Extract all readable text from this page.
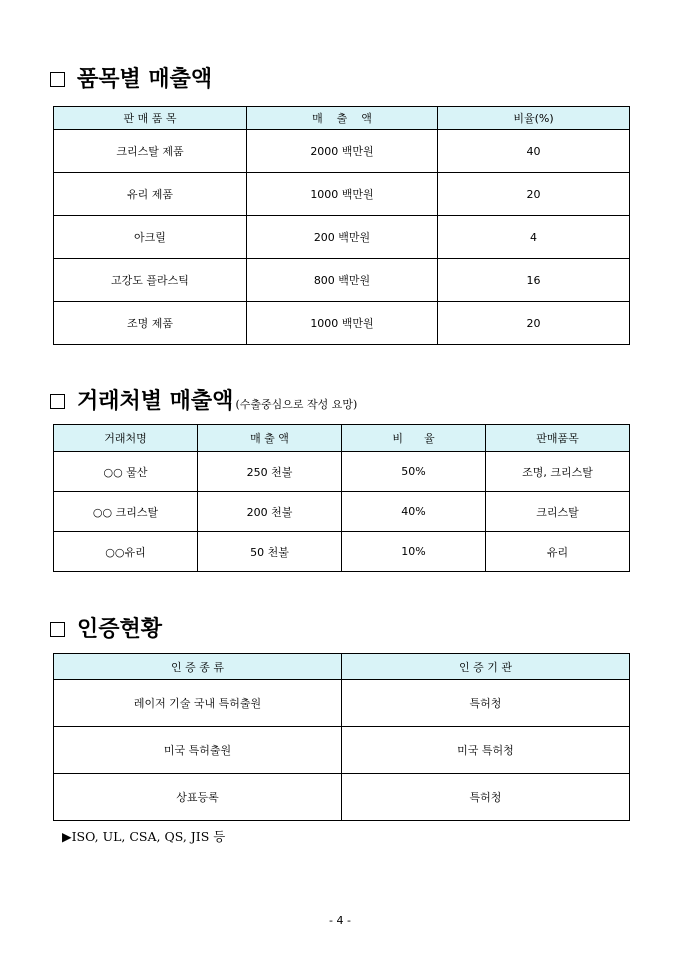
품목별 매출액
판 매 품 목	매    출    액	비율(%)
크리스탈 제품	2000 백만원	40
유리 제품	1000 백만원	20
아크릴	200 백만원	4
고강도 플라스틱	800 백만원	16
조명 제품	1000 백만원	20
거래처별 매출액 (수출중심으로 작성 요망)
거래처명	매 출 액	비      율	판매품목
○○ 물산	250 천불	50%	조명, 크리스탈
○○ 크리스탈	200 천불	40%	크리스탈
○○유리	50 천불	10%	유리
인증현황
인 증 종 류	인 증 기 관
레이저 기술 국내 특허출원	특허청
미국 특허출원	미국 특허청
상표등록	특허청

▶ISO, UL, CSA, QS, JIS 등

- 4 -
